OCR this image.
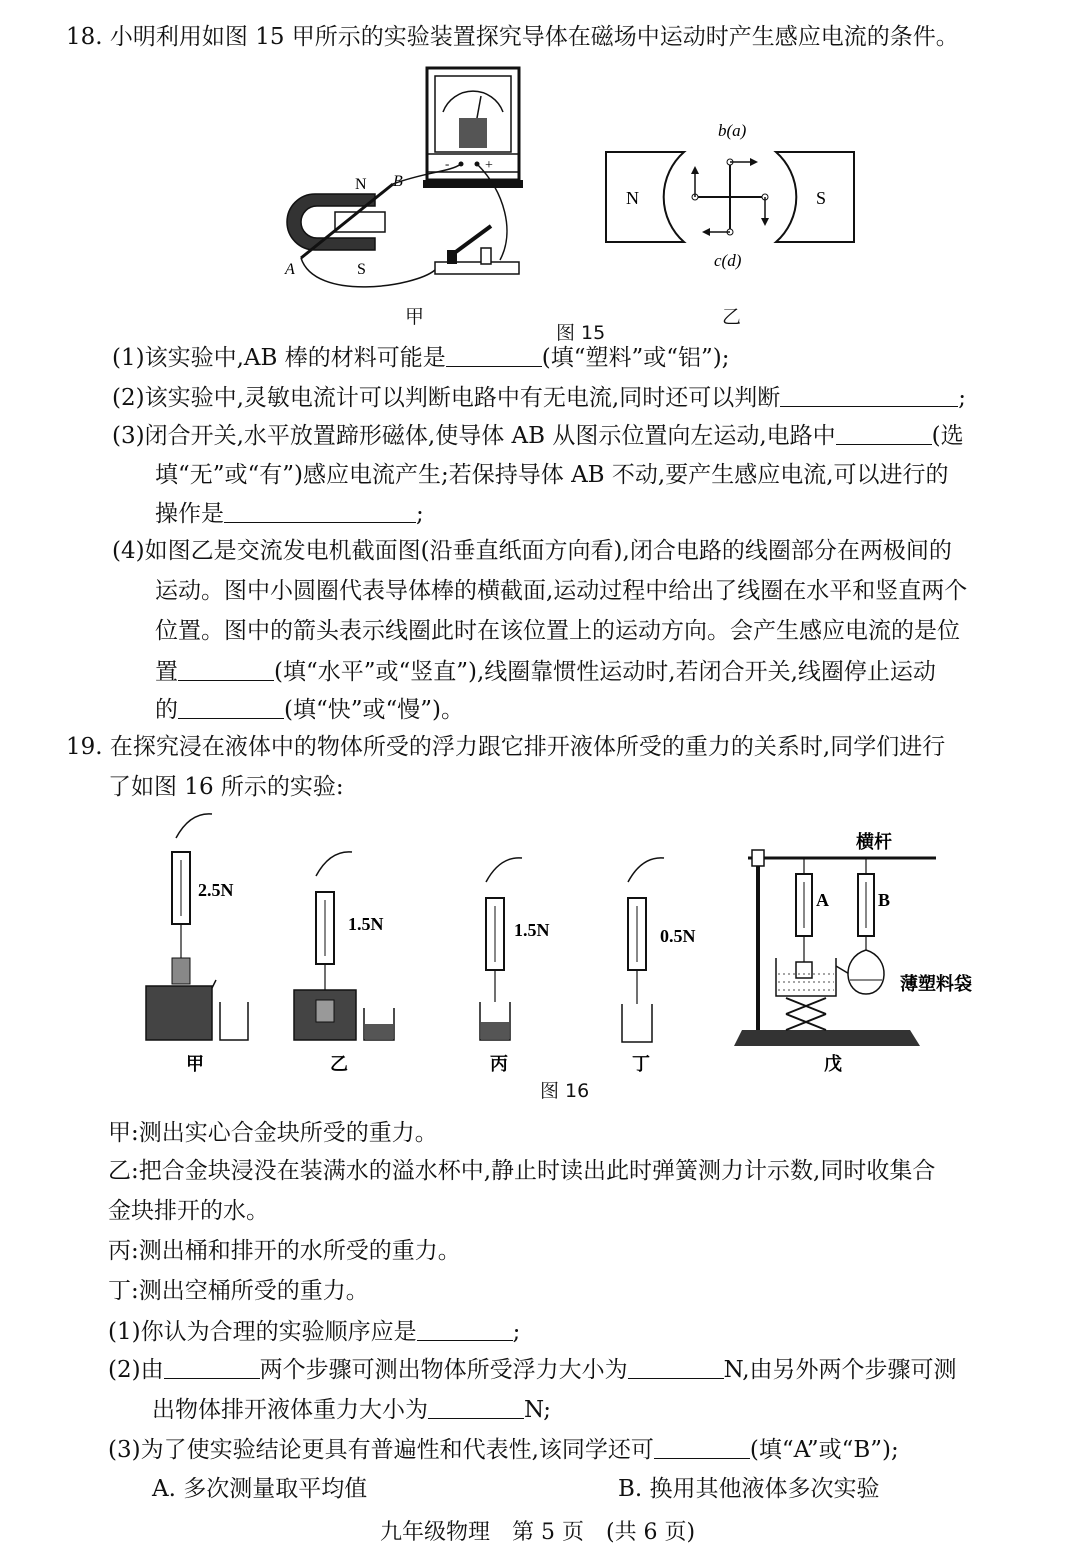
18. 小明利用如图 15 甲所示的实验装置探究导体在磁场中运动时产生感应电流的条件。
-	+
N B
A	S
甲
图 15
N	S
b(a)
c(d)
乙
(1)该实验中,AB 棒的材料可能是	(填“塑料”或“铝”);
(2)该实验中,灵敏电流计可以判断电路中有无电流,同时还可以判断	;
(3)闭合开关,水平放置蹄形磁体,使导体 AB 从图示位置向左运动,电路中	(选
填“无”或“有”)感应电流产生;若保持导体 AB 不动,要产生感应电流,可以进行的
操作是	;
(4)如图乙是交流发电机截面图(沿垂直纸面方向看),闭合电路的线圈部分在两极间的
运动。图中小圆圈代表导体棒的横截面,运动过程中给出了线圈在水平和竖直两个
位置。图中的箭头表示线圈此时在该位置上的运动方向。会产生感应电流的是位
置	(填“水平”或“竖直”),线圈靠惯性运动时,若闭合开关,线圈停止运动
的	(填“快”或“慢”)。
19. 在探究浸在液体中的物体所受的浮力跟它排开液体所受的重力的关系时,同学们进行
了如图 16 所示的实验:
2.5N
甲
1.5N
乙
1.5N
丙
0.5N
丁
横杆
A	B
薄塑料袋
戊
图 16
甲:测出实心合金块所受的重力。
乙:把合金块浸没在装满水的溢水杯中,静止时读出此时弹簧测力计示数,同时收集合
金块排开的水。
丙:测出桶和排开的水所受的重力。
丁:测出空桶所受的重力。
(1)你认为合理的实验顺序应是	;
(2)由	两个步骤可测出物体所受浮力大小为	N,由另外两个步骤可测
出物体排开液体重力大小为	N;
(3)为了使实验结论更具有普遍性和代表性,该同学还可	(填“A”或“B”);
A. 多次测量取平均值	B. 换用其他液体多次实验
九年级物理　第 5 页　(共 6 页)
